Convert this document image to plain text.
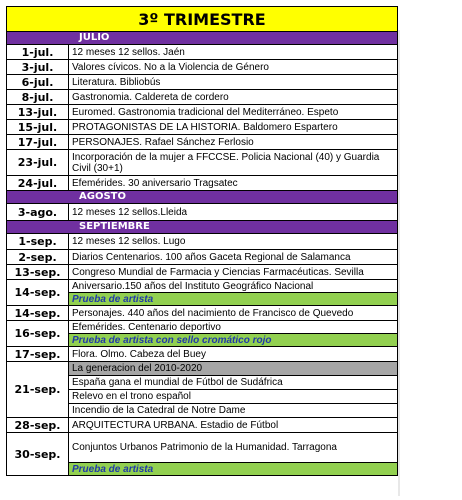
3º TRIMESTRE	
JULIO	
1-jul.	12 meses 12 sellos. Jaén
3-jul.	Valores cívicos. No a la Violencia de Género
6-jul.	Literatura. Bibliobús
8-jul.	Gastronomia. Caldereta de cordero
13-jul.	Euromed. Gastronomia tradicional del Mediterráneo. Espeto
15-jul.	PROTAGONISTAS DE LA HISTORIA. Baldomero Espartero
17-jul.	PERSONAJES. Rafael Sánchez Ferlosio
23-jul.	Incorporación de la mujer a FFCCSE. Policia Nacional (40) y Guardia Civil (30+1)
24-jul.	Efemérides. 30 aniversario Tragsatec
AGOSTO	
3-ago.	12 meses 12 sellos.Lleida
SEPTIEMBRE	
1-sep.	12 meses 12 sellos. Lugo
2-sep.	Diarios Centenarios. 100 años Gaceta Regional de Salamanca
13-sep.	Congreso Mundial de Farmacia y Ciencias Farmacéuticas. Sevilla
14-sep.	Aniversario.150 años del Instituto Geográfico Nacional
	Prueba de artista
14-sep.	Personajes. 440 años del nacimiento de Francisco de Quevedo
16-sep.	Efemérides. Centenario deportivo
	Prueba de artista con sello cromático rojo
17-sep.	Flora. Olmo. Cabeza del Buey
21-sep.	La generacion del 2010-2020
	España gana el mundial de Fútbol de Sudáfrica
	Relevo en el trono español
	Incendio de la Catedral de Notre Dame
28-sep.	ARQUITECTURA URBANA. Estadio de Fútbol
30-sep.	Conjuntos Urbanos Patrimonio de la Humanidad. Tarragona
	Prueba de artista
